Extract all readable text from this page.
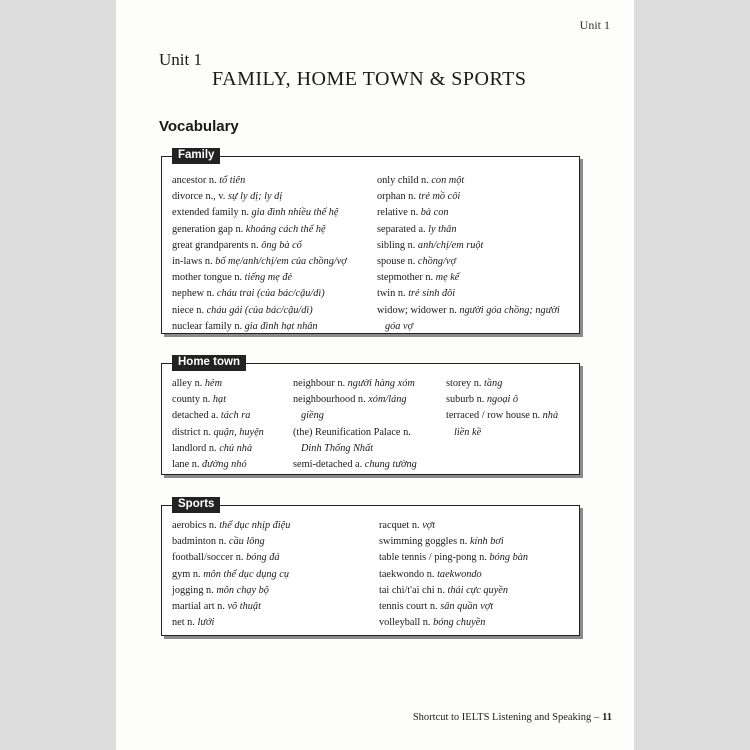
Unit 1
Unit 1
FAMILY, HOME TOWN & SPORTS
Vocabulary
Family
ancestor n. tổ tiên
divorce n., v. sự ly dị; ly dị
extended family n. gia đình nhiều thế hệ
generation gap n. khoảng cách thế hệ
great grandparents n. ông bà cố
in-laws n. bố mẹ/anh/chị/em của chồng/vợ
mother tongue n. tiếng mẹ đẻ
nephew n. cháu trai (của bác/cậu/dì)
niece n. cháu gái (của bác/cậu/dì)
nuclear family n. gia đình hạt nhân
only child n. con một
orphan n. trẻ mồ côi
relative n. bà con
separated a. ly thân
sibling n. anh/chị/em ruột
spouse n. chồng/vợ
stepmother n. mẹ kế
twin n. trẻ sinh đôi
widow; widower n. người góa chồng; người
góa vợ
Home town
alley n. hẻm
county n. hạt
detached a. tách ra
district n. quận, huyện
landlord n. chủ nhà
lane n. đường nhỏ
neighbour n. người hàng xóm
neighbourhood n. xóm/láng
giềng
(the) Reunification Palace n.
Dinh Thống Nhất
semi-detached a. chung tường
storey n. tầng
suburb n. ngoại ô
terraced / row house n. nhà
liền kề
Sports
aerobics n. thể dục nhịp điệu
badminton n. cầu lông
football/soccer n. bóng đá
gym n. môn thể dục dụng cụ
jogging n. môn chạy bộ
martial art n. võ thuật
net n. lưới
racquet n. vợt
swimming goggles n. kính bơi
table tennis / ping-pong n. bóng bàn
taekwondo n. taekwondo
tai chi/t'ai chi n. thái cực quyền
tennis court n. sân quần vợt
volleyball n. bóng chuyền
Shortcut to IELTS Listening and Speaking – 11
